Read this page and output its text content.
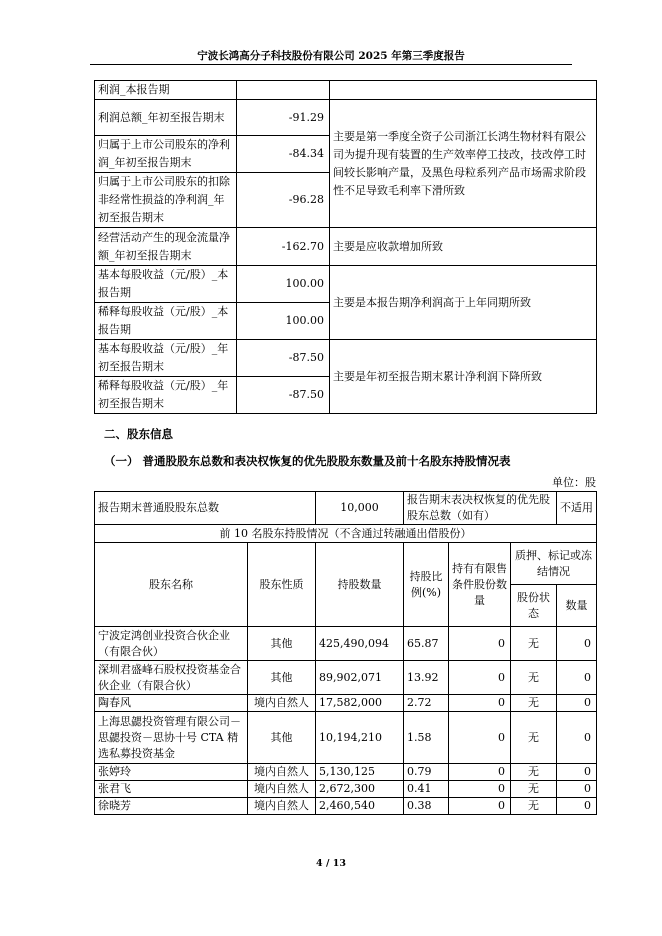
宁波长鸿高分子科技股份有限公司 2025 年第三季度报告
利润_本报告期		
利润总额_年初至报告期末	-91.29	主要是第一季度全资子公司浙江长鸿生物材料有限公司为提升现有装置的生产效率停工技改，技改停工时间较长影响产量，及黑色母粒系列产品市场需求阶段性不足导致毛利率下滑所致
归属于上市公司股东的净利润_年初至报告期末	-84.34	
归属于上市公司股东的扣除非经常性损益的净利润_年初至报告期末	-96.28	
经营活动产生的现金流量净额_年初至报告期末	-162.70	主要是应收款增加所致
基本每股收益（元/股）_本报告期	100.00	主要是本报告期净利润高于上年同期所致
稀释每股收益（元/股）_本报告期	100.00	
基本每股收益（元/股）_年初至报告期末	-87.50	主要是年初至报告期末累计净利润下降所致
稀释每股收益（元/股）_年初至报告期末	-87.50	
二、股东信息
（一） 普通股股东总数和表决权恢复的优先股股东数量及前十名股东持股情况表
单位：股
报告期末普通股股东总数		10,000	报告期末表决权恢复的优先股股东总数（如有）			不适用
前 10 名股东持股情况（不含通过转融通出借股份）						
股东名称	股东性质	持股数量	持股比例(%)	持有有限售条件股份数量	质押、标记或冻结情况	
					股份状态	数量
宁波定鸿创业投资合伙企业（有限合伙）	其他	425,490,094	65.87	0	无	0
深圳君盛峰石股权投资基金合伙企业（有限合伙）	其他	89,902,071	13.92	0	无	0
陶春风	境内自然人	17,582,000	2.72	0	无	0
上海思勰投资管理有限公司－思勰投资－思协十号 CTA 精选私募投资基金	其他	10,194,210	1.58	0	无	0
张婷玲	境内自然人	5,130,125	0.79	0	无	0
张君飞	境内自然人	2,672,300	0.41	0	无	0
徐晓芳	境内自然人	2,460,540	0.38	0	无	0
4 / 13
